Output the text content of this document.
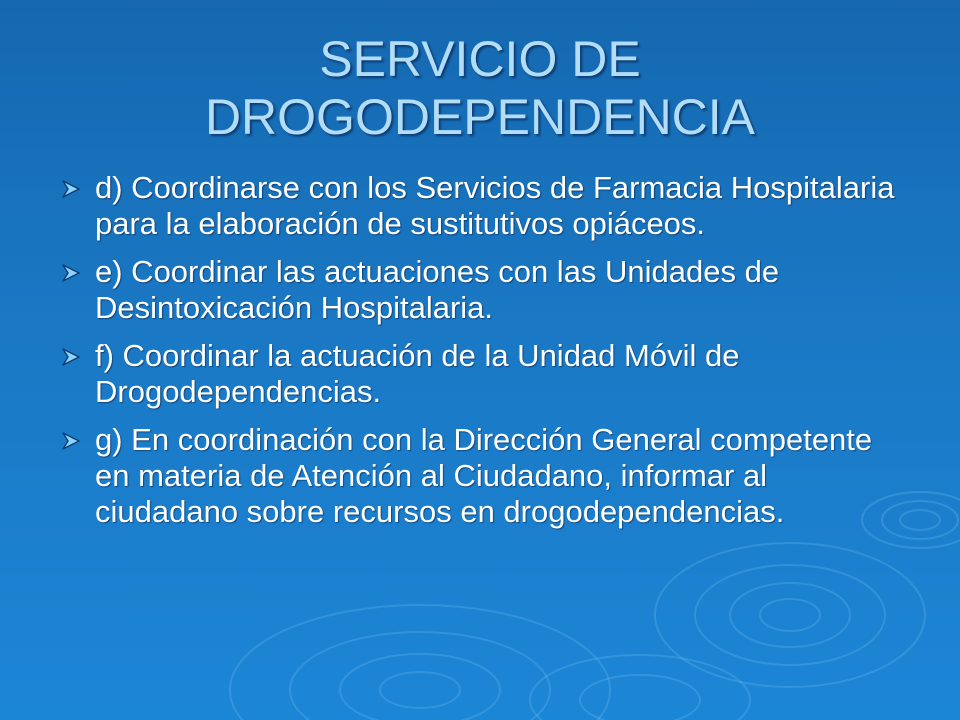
SERVICIO DE
DROGODEPENDENCIA
d) Coordinarse con los Servicios de Farmacia Hospitalaria para la elaboración de sustitutivos opiáceos.
e) Coordinar las actuaciones con las Unidades de Desintoxicación Hospitalaria.
f) Coordinar la actuación de la Unidad Móvil de Drogodependencias.
g) En coordinación con la Dirección General competente en materia de Atención al Ciudadano, informar al ciudadano sobre recursos en drogodependencias.
